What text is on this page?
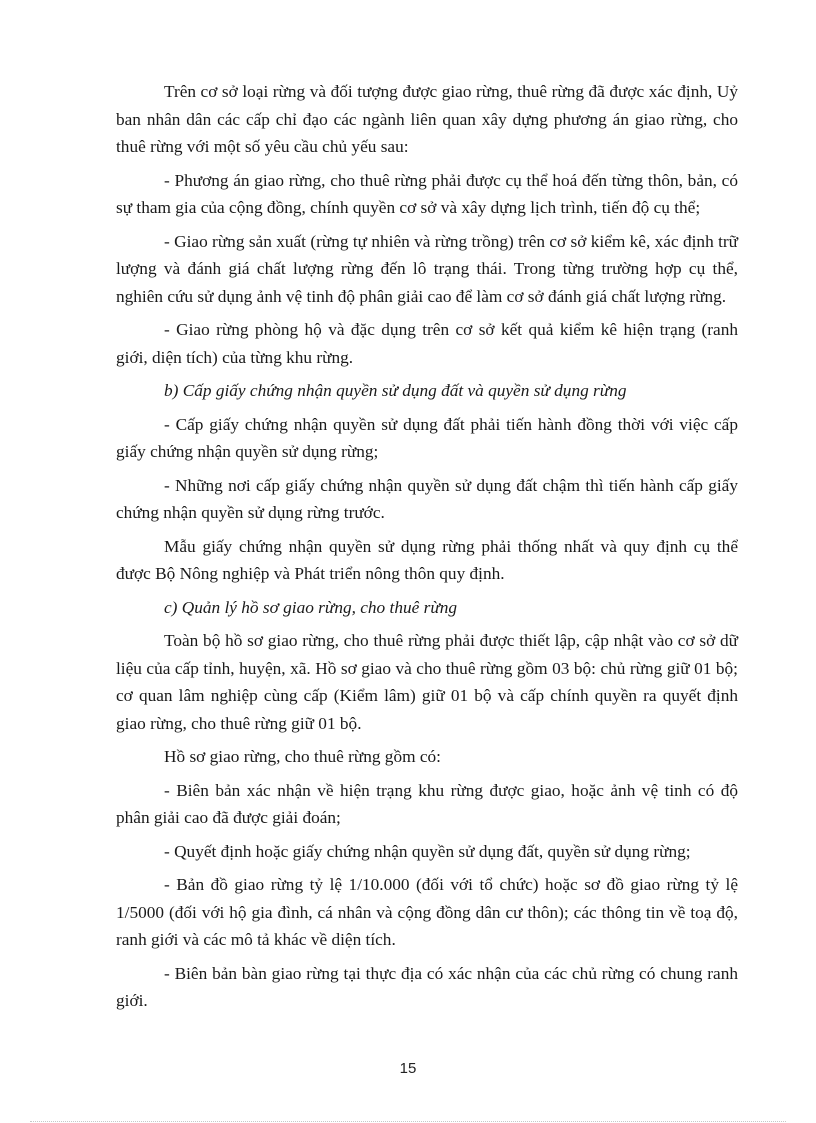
Trên cơ sở loại rừng và đối tượng được giao rừng, thuê rừng đã được xác định, Uỷ ban nhân dân các cấp chỉ đạo các ngành liên quan xây dựng phương án giao rừng, cho thuê rừng với một số yêu cầu chủ yếu sau:

- Phương án giao rừng, cho thuê rừng phải được cụ thể hoá đến từng thôn, bản, có sự tham gia của cộng đồng, chính quyền cơ sở và xây dựng lịch trình, tiến độ cụ thể;

- Giao rừng sản xuất (rừng tự nhiên và rừng trồng) trên cơ sở kiểm kê, xác định trữ lượng và đánh giá chất lượng rừng đến lô trạng thái. Trong từng trường hợp cụ thể, nghiên cứu sử dụng ảnh vệ tinh độ phân giải cao để làm cơ sở đánh giá chất lượng rừng.

- Giao rừng phòng hộ và đặc dụng trên cơ sở kết quả kiểm kê hiện trạng (ranh giới, diện tích) của từng khu rừng.

b) Cấp giấy chứng nhận quyền sử dụng đất và quyền sử dụng rừng

- Cấp giấy chứng nhận quyền sử dụng đất phải tiến hành đồng thời với việc cấp giấy chứng nhận quyền sử dụng rừng;

- Những nơi cấp giấy chứng nhận quyền sử dụng đất chậm thì tiến hành cấp giấy chứng nhận quyền sử dụng rừng trước.

Mẫu giấy chứng nhận quyền sử dụng rừng phải thống nhất và quy định cụ thể được Bộ Nông nghiệp và Phát triển nông thôn quy định.

c) Quản lý hồ sơ giao rừng, cho thuê rừng

Toàn bộ hồ sơ giao rừng, cho thuê rừng phải được thiết lập, cập nhật vào cơ sở dữ liệu của cấp tỉnh, huyện, xã. Hồ sơ giao và cho thuê rừng gồm 03 bộ: chủ rừng giữ 01 bộ; cơ quan lâm nghiệp cùng cấp (Kiểm lâm) giữ 01 bộ và cấp chính quyền ra quyết định giao rừng, cho thuê rừng giữ 01 bộ.

Hồ sơ giao rừng, cho thuê rừng gồm có:

- Biên bản xác nhận về hiện trạng khu rừng được giao, hoặc ảnh vệ tinh có độ phân giải cao đã được giải đoán;

- Quyết định hoặc giấy chứng nhận quyền sử dụng đất, quyền sử dụng rừng;

- Bản đồ giao rừng tỷ lệ 1/10.000 (đối với tổ chức) hoặc sơ đồ giao rừng tỷ lệ 1/5000 (đối với hộ gia đình, cá nhân và cộng đồng dân cư thôn); các thông tin về toạ độ, ranh giới và các mô tả khác về diện tích.

- Biên bản bàn giao rừng tại thực địa có xác nhận của các chủ rừng có chung ranh giới.

15
